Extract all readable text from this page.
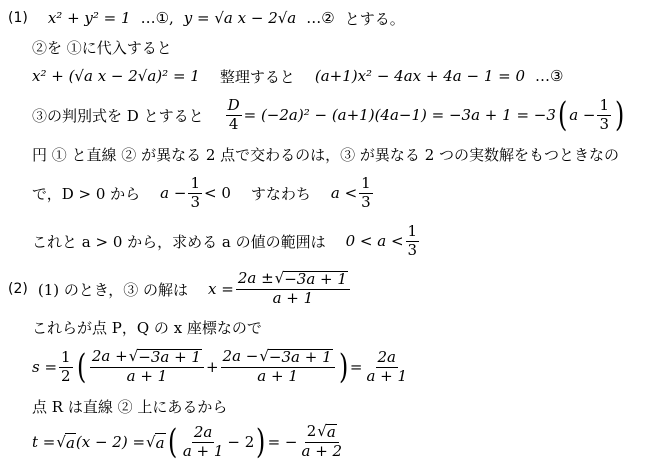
(1) x² + y² = 1 …①, y = √a x − 2√a …② とする。
②を ①に代入すると
x² + (√a x − 2√a)² = 1 整理すると (a+1)x² − 4ax + 4a − 1 = 0 …③
③の判別式を D とすると $\frac{D}{4} = (-2a)^2 - (a+1)(4a-1) = -3a + 1 = -3$ ( $a - \frac{1}{3}$ )
円 ① と直線 ② が異なる 2 点で交わるのは，③ が異なる 2 つの実数解をもつときなの
で，D > 0 から $a - \frac{1}{3} < 0$ すなわち $a < \frac{1}{3}$
これと a > 0 から，求める a の値の範囲は $0 < a < \frac{1}{3}$
(2) (1) のとき，③ の解は $x = \frac{2a \pm √ -3a + 1}{a + 1}$
これらが点 P，Q の x 座標なので
$s = \frac{1}{2}$ ( $\frac{2a + √ -3a + 1}{a + 1} + \frac{2a - √ -3a + 1}{a + 1}$ ) = $\frac{2a}{a + 1}$
点 R は直線 ② 上にあるから
t = √ a (x − 2) = √ a ( $\frac{2a}{a + 1} - 2$ ) = − $\frac{2 √ a}{a + 2}$
